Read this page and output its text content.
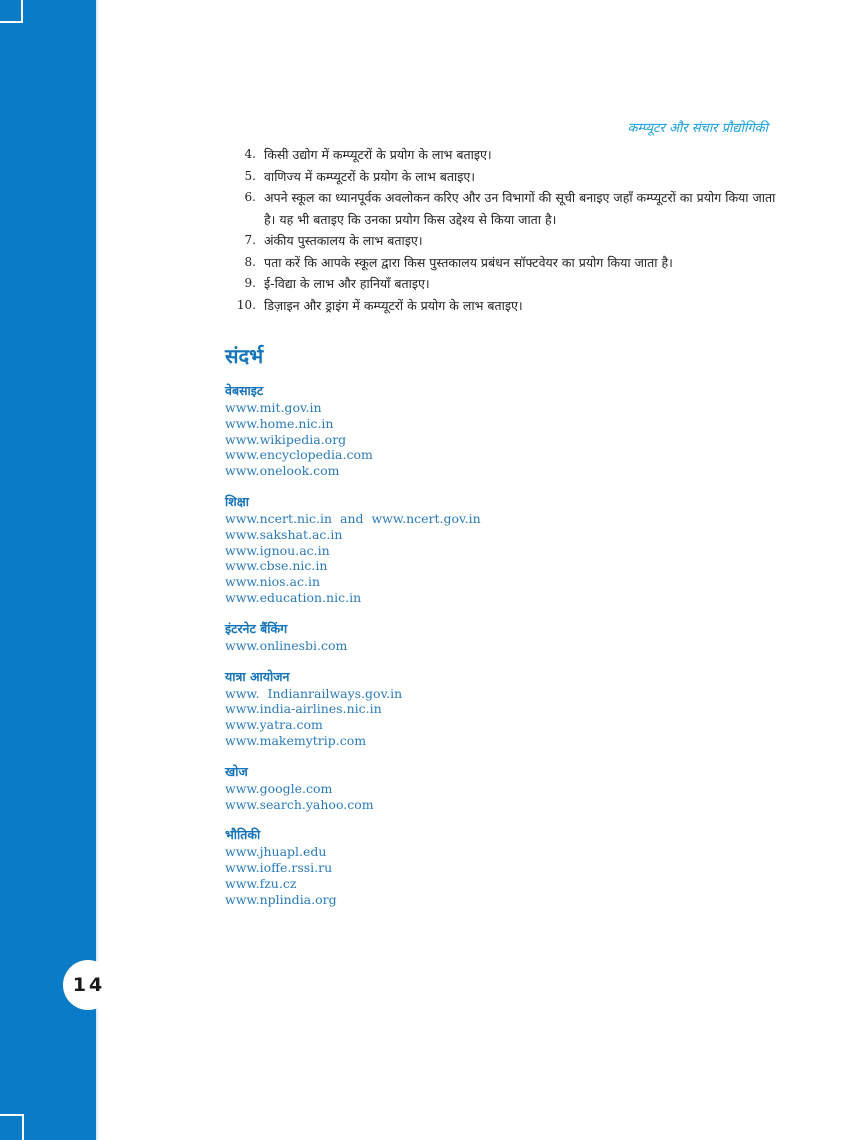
14
कम्प्यूटर और संचार प्रौद्योगिकी
4. किसी उद्योग में कम्प्यूटरों के प्रयोग के लाभ बताइए।
5. वाणिज्य में कम्प्यूटरों के प्रयोग के लाभ बताइए।
6. अपने स्कूल का ध्यानपूर्वक अवलोकन करिए और उन विभागों की सूची बनाइए जहाँ कम्प्यूटरों का प्रयोग किया जाता है। यह भी बताइए कि उनका प्रयोग किस उद्देश्य से किया जाता है।
7. अंकीय पुस्तकालय के लाभ बताइए।
8. पता करें कि आपके स्कूल द्वारा किस पुस्तकालय प्रबंधन सॉफ्टवेयर का प्रयोग किया जाता है।
9. ई-विद्या के लाभ और हानियाँ बताइए।
10. डिज़ाइन और ड्राइंग में कम्प्यूटरों के प्रयोग के लाभ बताइए।
संदर्भ
वेबसाइट
www.mit.gov.in
www.home.nic.in
www.wikipedia.org
www.encyclopedia.com
www.onelook.com
शिक्षा
www.ncert.nic.in  and  www.ncert.gov.in
www.sakshat.ac.in
www.ignou.ac.in
www.cbse.nic.in
www.nios.ac.in
www.education.nic.in
इंटरनेट बैंकिंग
www.onlinesbi.com
यात्रा आयोजन
www.  Indianrailways.gov.in
www.india-airlines.nic.in
www.yatra.com
www.makemytrip.com
खोज
www.google.com
www.search.yahoo.com
भौतिकी
www.jhuapl.edu
www.ioffe.rssi.ru
www.fzu.cz
www.nplindia.org
